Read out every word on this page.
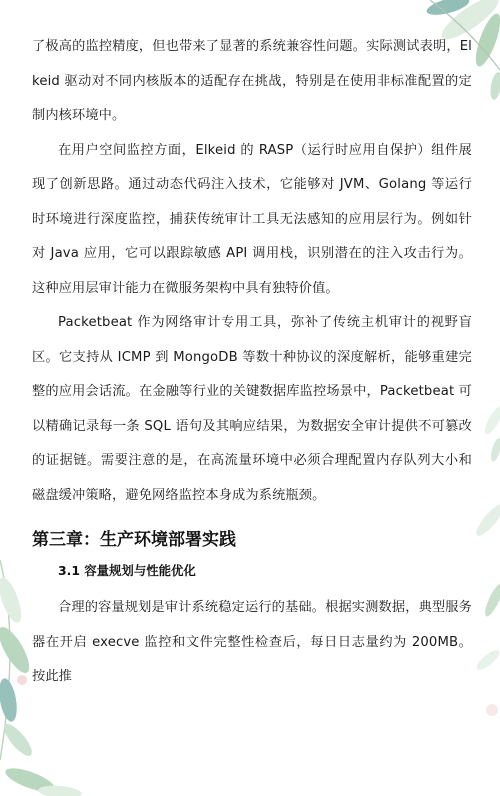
了极高的监控精度，但也带来了显著的系统兼容性问题。实际测试表明，Elkeid 驱动对不同内核版本的适配存在挑战，特别是在使用非标准配置的定制内核环境中。

在用户空间监控方面，Elkeid 的 RASP（运行时应用自保护）组件展现了创新思路。通过动态代码注入技术，它能够对 JVM、Golang 等运行时环境进行深度监控，捕获传统审计工具无法感知的应用层行为。例如针对 Java 应用，它可以跟踪敏感 API 调用栈，识别潜在的注入攻击行为。这种应用层审计能力在微服务架构中具有独特价值。

Packetbeat 作为网络审计专用工具，弥补了传统主机审计的视野盲区。它支持从 ICMP 到 MongoDB 等数十种协议的深度解析，能够重建完整的应用会话流。在金融等行业的关键数据库监控场景中，Packetbeat 可以精确记录每一条 SQL 语句及其响应结果，为数据安全审计提供不可篡改的证据链。需要注意的是，在高流量环境中必须合理配置内存队列大小和磁盘缓冲策略，避免网络监控本身成为系统瓶颈。

第三章：生产环境部署实践
3.1 容量规划与性能优化

合理的容量规划是审计系统稳定运行的基础。根据实测数据，典型服务器在开启 execve 监控和文件完整性检查后，每日日志量约为 200MB。按此推
